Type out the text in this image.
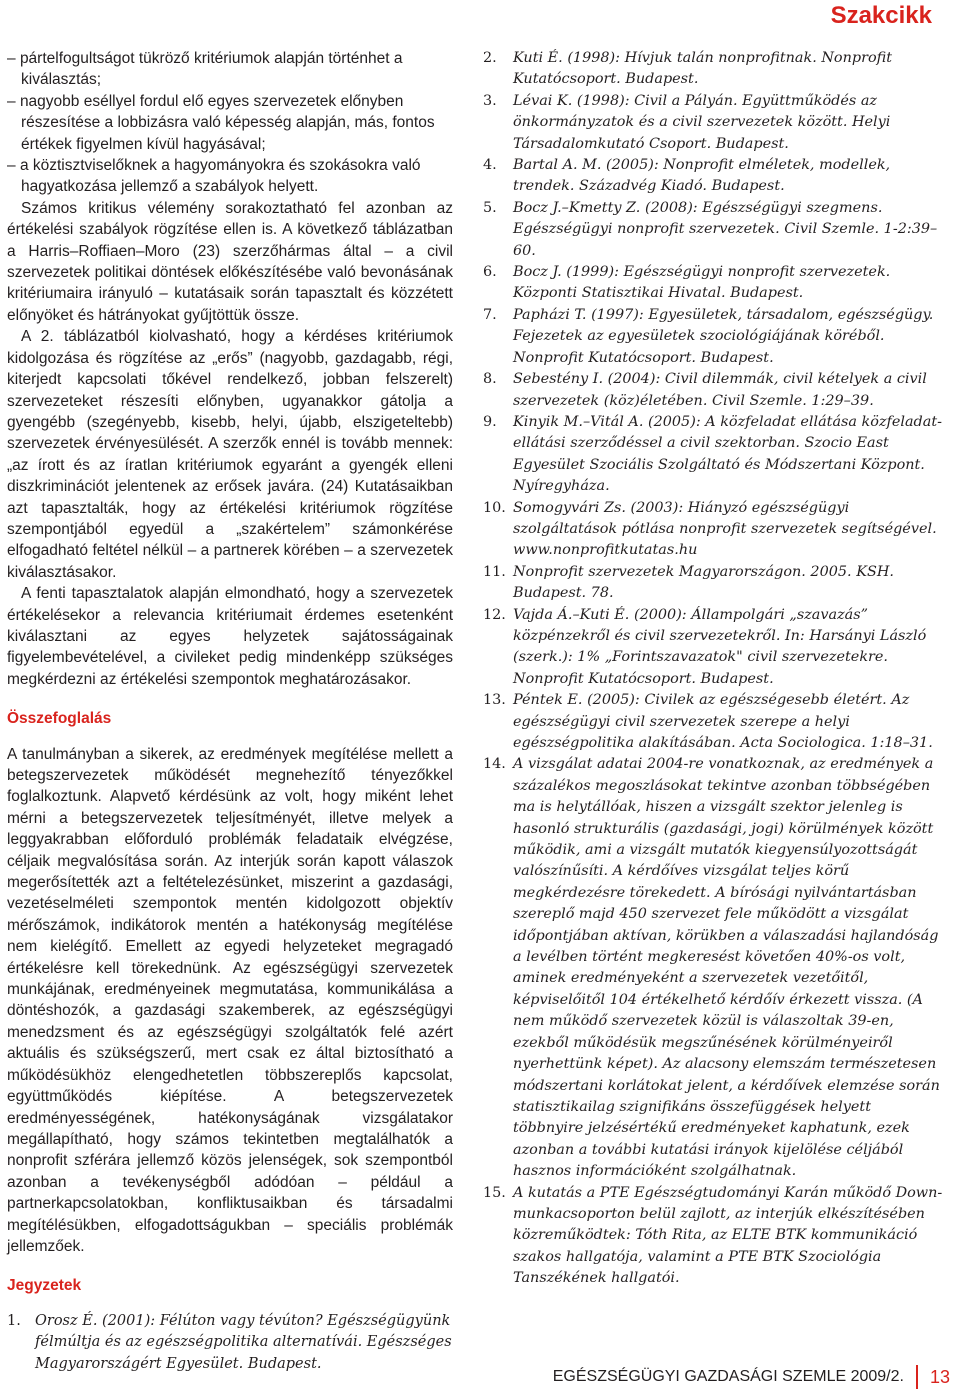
Szakcikk
– pártelfogultságot tükröző kritériumok alapján történhet a kiválasztás;
– nagyobb eséllyel fordul elő egyes szervezetek előnyben részesítése a lobbizásra való képesség alapján, más, fontos értékek figyelmen kívül hagyásával;
– a köztisztviselőknek a hagyományokra és szokásokra való hagyatkozása jellemző a szabályok helyett.

Számos kritikus vélemény sorakoztatható fel azonban az értékelési szabályok rögzítése ellen is. A következő táblázatban a Harris–Roffiaen–Moro (23) szerzőhármas által – a civil szervezetek politikai döntések előkészítésébe való bevonásának kritériumaira irányuló – kutatásaik során tapasztalt és közzétett előnyöket és hátrányokat gyűjtöttük össze.

A 2. táblázatból kiolvasható, hogy a kérdéses kritériumok kidolgozása és rögzítése az „erős” (nagyobb, gazdagabb, régi, kiterjedt kapcsolati tőkével rendelkező, jobban felszerelt) szervezeteket részesíti előnyben, ugyanakkor gátolja a gyengébb (szegényebb, kisebb, helyi, újabb, elszigeteltebb) szervezetek érvényesülését. A szerzők ennél is tovább mennek: „az írott és az íratlan kritériumok egyaránt a gyengék elleni diszkriminációt jelentenek az erősek javára. (24) Kutatásaikban azt tapasztalták, hogy az értékelési kritériumok rögzítése szempontjából egyedül a „szakértelem” számonkérése elfogadható feltétel nélkül – a partnerek körében – a szervezetek kiválasztásakor.

A fenti tapasztalatok alapján elmondható, hogy a szervezetek értékelésekor a relevancia kritériumait érdemes esetenként kiválasztani az egyes helyzetek sajátosságainak figyelembevételével, a civileket pedig mindenképp szükséges megkérdezni az értékelési szempontok meghatározásakor.

Összefoglalás

A tanulmányban a sikerek, az eredmények megítélése mellett a betegszervezetek működését megnehezítő tényezőkkel foglalkoztunk. Alapvető kérdésünk az volt, hogy miként lehet mérni a betegszervezetek teljesítményét, illetve melyek a leggyakrabban előforduló problémák feladataik elvégzése, céljaik megvalósítása során. Az interjúk során kapott válaszok megerősítették azt a feltételezésünket, miszerint a gazdasági, vezetéselméleti szempontok mentén kidolgozott objektív mérőszámok, indikátorok mentén a hatékonyság megítélése nem kielégítő. Emellett az egyedi helyzeteket megragadó értékelésre kell törekednünk. Az egészségügyi szervezetek munkájának, eredményeinek megmutatása, kommunikálása a döntéshozók, a gazdasági szakemberek, az egészségügyi menedzsment és az egészségügyi szolgáltatók felé azért aktuális és szükségszerű, mert csak ez által biztosítható a működésükhöz elengedhetetlen többszereplős kapcsolat, együttműködés kiépítése. A betegszervezetek eredményességének, hatékonyságának vizsgálatakor megállapítható, hogy számos tekintetben megtalálhatók a nonprofit szférára jellemző közös jelenségek, sok szempontból azonban a tevékenységből adódóan – például a partnerkapcsolatokban, konfliktusaikban és társadalmi megítélésükben, elfogadottságukban – speciális problémák jellemzőek.

Jegyzetek
1. Orosz É. (2001): Félúton vagy tévúton? Egészségügyünk félmúltja és az egészségpolitika alternatívái. Egészséges Magyarországért Egyesület. Budapest.
2. Kuti É. (1998): Hívjuk talán nonprofitnak. Nonprofit Kutatócsoport. Budapest.
3. Lévai K. (1998): Civil a Pályán. Együttműködés az önkormányzatok és a civil szervezetek között. Helyi Társadalomkutató Csoport. Budapest.
4. Bartal A. M. (2005): Nonprofit elméletek, modellek, trendek. Századvég Kiadó. Budapest.
5. Bocz J.–Kmetty Z. (2008): Egészségügyi szegmens. Egészségügyi nonprofit szervezetek. Civil Szemle. 1-2:39–60.
6. Bocz J. (1999): Egészségügyi nonprofit szervezetek. Központi Statisztikai Hivatal. Budapest.
7. Papházi T. (1997): Egyesületek, társadalom, egészségügy. Fejezetek az egyesületek szociológiájának köréből. Nonprofit Kutatócsoport. Budapest.
8. Sebestény I. (2004): Civil dilemmák, civil kételyek a civil szervezetek (köz)életében. Civil Szemle. 1:29–39.
9. Kinyik M.–Vitál A. (2005): A közfeladat ellátása közfeladat-ellátási szerződéssel a civil szektorban. Szocio East Egyesület Szociális Szolgáltató és Módszertani Központ. Nyíregyháza.
10. Somogyvári Zs. (2003): Hiányzó egészségügyi szolgáltatások pótlása nonprofit szervezetek segítségével. www.nonprofitkutatas.hu
11. Nonprofit szervezetek Magyarországon. 2005. KSH. Budapest. 78.
12. Vajda Á.–Kuti É. (2000): Állampolgári „szavazás” közpénzekről és civil szervezetekről. In: Harsányi László (szerk.): 1% „Forintszavazatok" civil szervezetekre. Nonprofit Kutatócsoport. Budapest.
13. Péntek E. (2005): Civilek az egészségesebb életért. Az egészségügyi civil szervezetek szerepe a helyi egészségpolitika alakításában. Acta Sociologica. 1:18–31.
14. A vizsgálat adatai 2004-re vonatkoznak, az eredmények a százalékos megoszlásokat tekintve azonban többségében ma is helytállóak, hiszen a vizsgált szektor jelenleg is hasonló strukturális (gazdasági, jogi) körülmények között működik, ami a vizsgált mutatók kiegyensúlyozottságát valószínűsíti. A kérdőíves vizsgálat teljes körű megkérdezésre törekedett. A bírósági nyilvántartásban szereplő majd 450 szervezet fele működött a vizsgálat időpontjában aktívan, körükben a válaszadási hajlandóság a levélben történt megkeresést követően 40%-os volt, aminek eredményeként a szervezetek vezetőitől, képviselőitől 104 értékelhető kérdőív érkezett vissza. (A nem működő szervezetek közül is válaszoltak 39-en, ezekből működésük megszűnésének körülményeiről nyerhettünk képet). Az alacsony elemszám természetesen módszertani korlátokat jelent, a kérdőívek elemzése során statisztikailag szignifikáns összefüggések helyett többnyire jelzésértékű eredményeket kaphatunk, ezek azonban a további kutatási irányok kijelölése céljából hasznos információként szolgálhatnak.
15. A kutatás a PTE Egészségtudományi Karán működő Down-munkacsoporton belül zajlott, az interjúk elkészítésében közreműködtek: Tóth Rita, az ELTE BTK kommunikáció szakos hallgatója, valamint a PTE BTK Szociológia Tanszékének hallgatói.
EGÉSZSÉGÜGYI GAZDASÁGI SZEMLE 2009/2. 13
